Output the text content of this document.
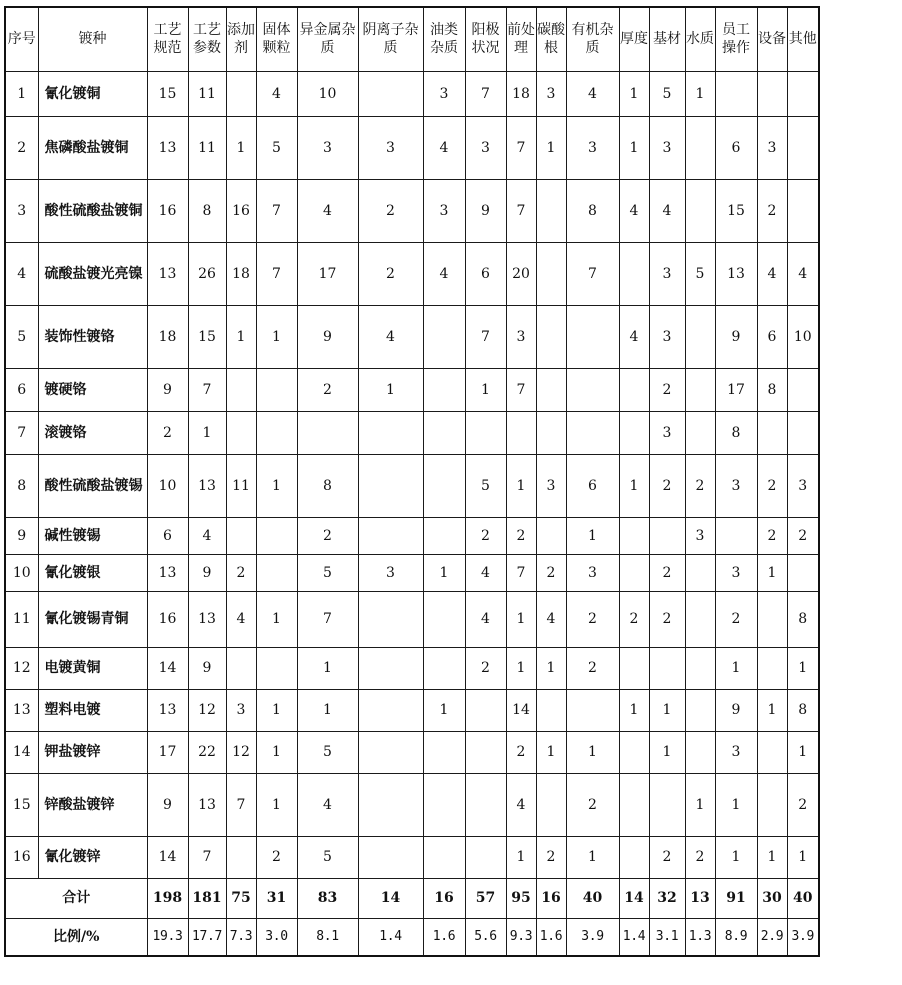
序号	镀种	工艺规范	工艺参数	添加剂	固体颗粒	异金属杂质	阴离子杂质	油类杂质	阳极状况	前处理	碳酸根	有机杂质	厚度	基材	水质	员工操作	设备	其他
1	氰化镀铜	15	11		4	10		3	7	18	3	4	1	5	1			
2	焦磷酸盐镀铜	13	11	1	5	3	3	4	3	7	1	3	1	3		6	3	
3	酸性硫酸盐镀铜	16	8	16	7	4	2	3	9	7		8	4	4		15	2	
4	硫酸盐镀光亮镍	13	26	18	7	17	2	4	6	20		7		3	5	13	4	4
5	装饰性镀铬	18	15	1	1	9	4		7	3			4	3		9	6	10
6	镀硬铬	9	7			2	1		1	7				2		17	8	
7	滚镀铬	2	1											3		8		
8	酸性硫酸盐镀锡	10	13	11	1	8			5	1	3	6	1	2	2	3	2	3
9	碱性镀锡	6	4			2			2	2		1			3		2	2
10	氰化镀银	13	9	2		5	3	1	4	7	2	3		2		3	1	
11	氰化镀锡青铜	16	13	4	1	7			4	1	4	2	2	2		2		8
12	电镀黄铜	14	9			1			2	1	1	2				1		1
13	塑料电镀	13	12	3	1	1		1		14			1	1		9	1	8
14	钾盐镀锌	17	22	12	1	5				2	1	1		1		3		1
15	锌酸盐镀锌	9	13	7	1	4				4		2			1	1		2
16	氰化镀锌	14	7		2	5				1	2	1		2	2	1	1	1
合计		198	181	75	31	83	14	16	57	95	16	40	14	32	13	91	30	40
比例/%		19.3	17.7	7.3	3.0	8.1	1.4	1.6	5.6	9.3	1.6	3.9	1.4	3.1	1.3	8.9	2.9	3.9
